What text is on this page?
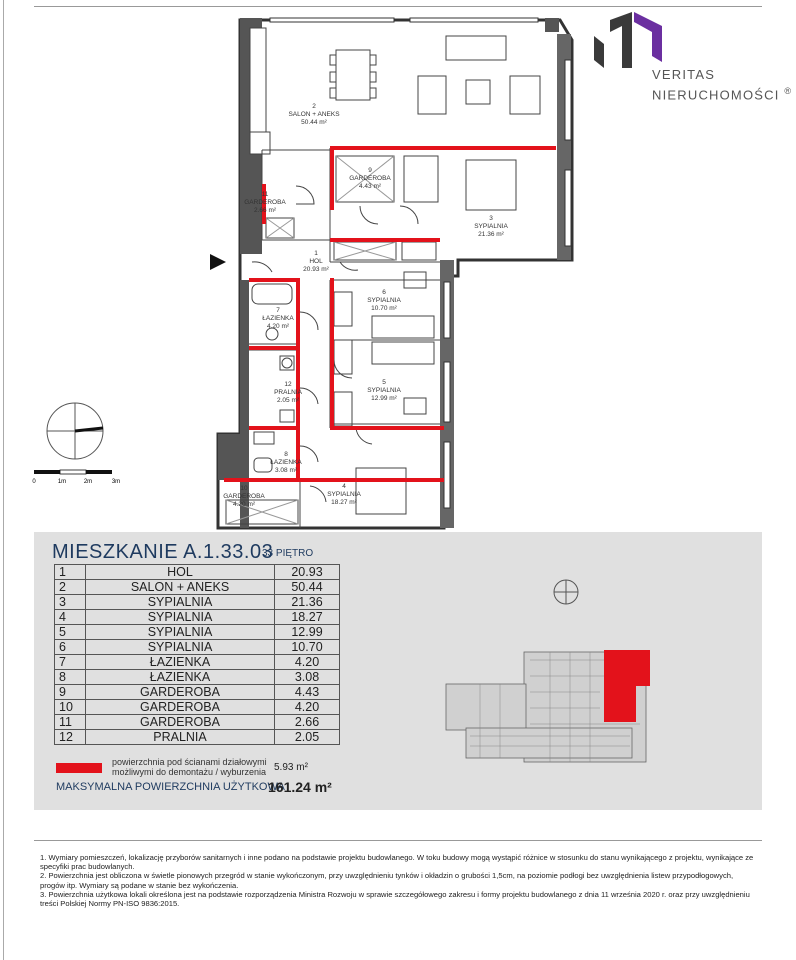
2
SALON + ANEKS
50.44 m²
9
GARDEROBA
4.43 m²
11
GARDEROBA
2.66 m²
3
SYPIALNIA
21.36 m²
1
HOL
20.93 m²
6
SYPIALNIA
10.70 m²
7
ŁAZIENKA
4.20 m²
12
PRALNIA
2.05 m²
5
SYPIALNIA
12.99 m²
8
ŁAZIENKA
3.08 m²
10
GARDEROBA
4.20 m²
4
SYPIALNIA
18.27 m²
VERITAS
NIERUCHOMOŚCI ®
0	1m	2m	3m
MIESZKANIE A.1.33.03
33 PIĘTRO
1	HOL	20.93
2	SALON + ANEKS	50.44
3	SYPIALNIA	21.36
4	SYPIALNIA	18.27
5	SYPIALNIA	12.99
6	SYPIALNIA	10.70
7	ŁAZIENKA	4.20
8	ŁAZIENKA	3.08
9	GARDEROBA	4.43
10	GARDEROBA	4.20
11	GARDEROBA	2.66
12	PRALNIA	2.05
powierzchnia pod ścianami działowymi
możliwymi do demontażu / wyburzenia 5.93 m²
MAKSYMALNA POWIERZCHNIA UŻYTKOWA
161.24 m²

1. Wymiary pomieszczeń, lokalizację przyborów sanitarnych i inne podano na podstawie projektu budowlanego. W toku budowy mogą wystąpić różnice w stosunku do stanu wynikającego z projektu, wynikające ze specyfiki prac budowlanych.

2. Powierzchnia jest obliczona w świetle pionowych przegród w stanie wykończonym, przy uwzględnieniu tynków i okładzin o grubości 1,5cm, na poziomie podłogi bez uwzględnienia listew przypodłogowych, progów itp. Wymiary są podane w stanie bez wykończenia.

3. Powierzchnia użytkowa lokali określona jest na podstawie rozporządzenia Ministra Rozwoju w sprawie szczegółowego zakresu i formy projektu budowlanego z dnia 11 września 2020 r. oraz przy uwzględnieniu treści Polskiej Normy PN-ISO 9836:2015.
